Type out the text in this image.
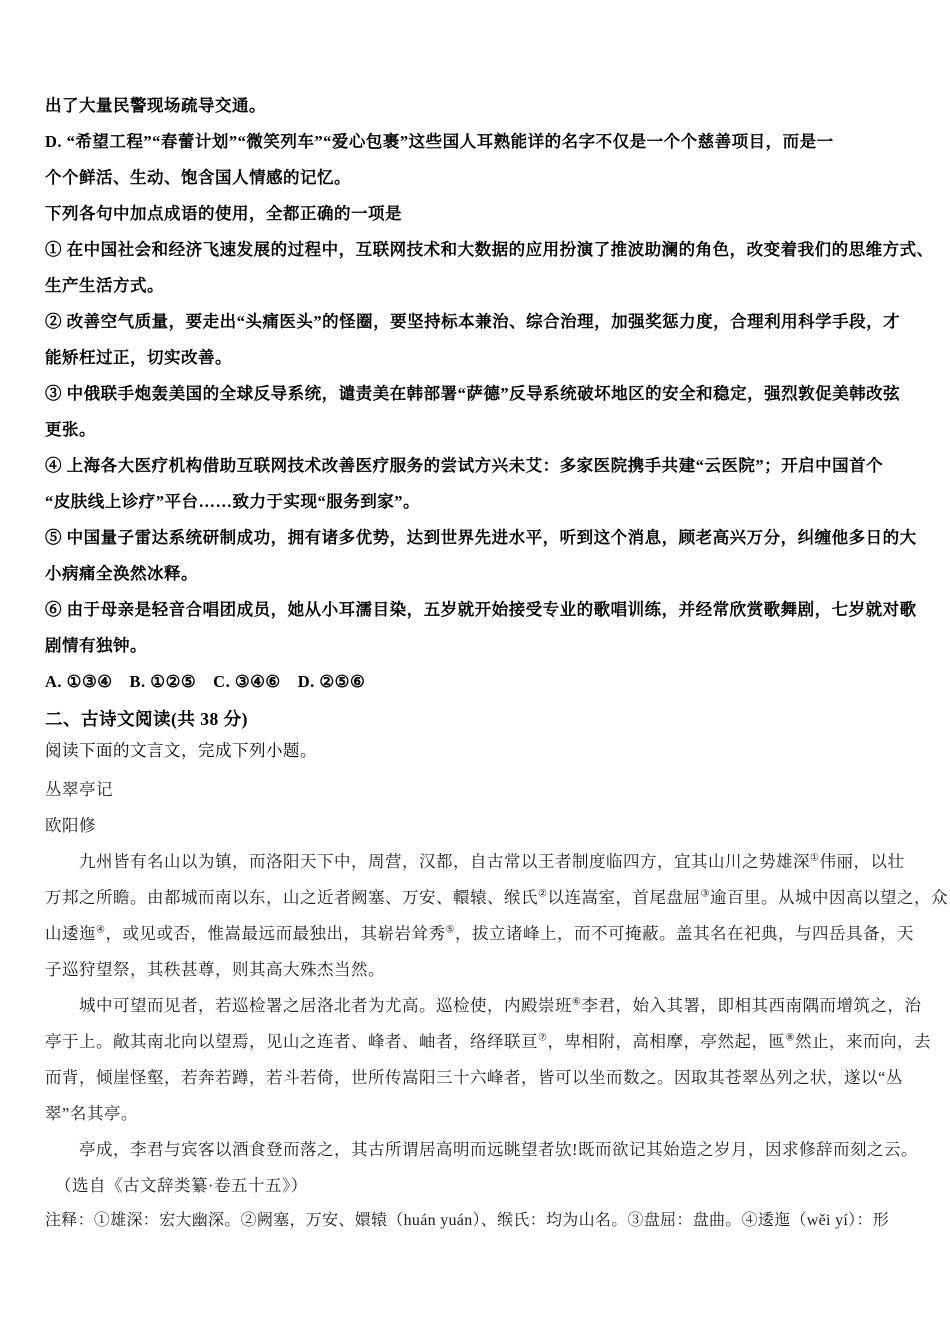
出了大量民警现场疏导交通。
D. “希望工程”“春蕾计划”“微笑列车”“爱心包裹”这些国人耳熟能详的名字不仅是一个个慈善项目，而是一
个个鲜活、生动、饱含国人情感的记忆。
下列各句中加点成语的使用，全都正确的一项是
① 在中国社会和经济飞速发展的过程中，互联网技术和大数据的应用扮演了推波助澜的角色，改变着我们的思维方式、
生产生活方式。
② 改善空气质量，要走出“头痛医头”的怪圈，要坚持标本兼治、综合治理，加强奖惩力度，合理利用科学手段，才
能矫枉过正，切实改善。
③ 中俄联手炮轰美国的全球反导系统，谴责美在韩部署“萨德”反导系统破坏地区的安全和稳定，强烈敦促美韩改弦
更张。
④ 上海各大医疗机构借助互联网技术改善医疗服务的尝试方兴未艾：多家医院携手共建“云医院”；开启中国首个
“皮肤线上诊疗”平台……致力于实现“服务到家”。
⑤ 中国量子雷达系统研制成功，拥有诸多优势，达到世界先进水平，听到这个消息，顾老高兴万分，纠缠他多日的大
小病痛全涣然冰释。
⑥ 由于母亲是轻音合唱团成员，她从小耳濡目染，五岁就开始接受专业的歌唱训练，并经常欣赏歌舞剧，七岁就对歌
剧情有独钟。
A. ①③④　B. ①②⑤　C. ③④⑥　D. ②⑤⑥
二、古诗文阅读(共 38 分)
阅读下面的文言文，完成下列小题。
丛翠亭记
欧阳修
九州皆有名山以为镇，而洛阳天下中，周营，汉都，自古常以王者制度临四方，宜其山川之势雄深①伟丽，以壮
万邦之所瞻。由都城而南以东，山之近者阙塞、万安、轘辕、缑氏②以连嵩室，首尾盘屈③逾百里。从城中因高以望之，众
山逶迤④，或见或否，惟嵩最远而最独出，其崭岩耸秀⑤，拔立诸峰上，而不可掩蔽。盖其名在祀典，与四岳具备，天
子巡狩望祭，其秩甚尊，则其高大殊杰当然。
城中可望而见者，若巡检署之居洛北者为尤高。巡检使，内殿崇班⑥李君，始入其署，即相其西南隅而增筑之，治
亭于上。敞其南北向以望焉，见山之连者、峰者、岫者，络绎联亘⑦，卑相附，高相摩，亭然起，匜⑧然止，来而向，去
而背，倾崖怪壑，若奔若蹲，若斗若倚，世所传嵩阳三十六峰者，皆可以坐而数之。因取其苍翠丛列之状，遂以“丛
翠”名其亭。
亭成，李君与宾客以酒食登而落之，其古所谓居高明而远眺望者欤!既而欲记其始造之岁月，因求修辞而刻之云。
（选自《古文辞类纂·卷五十五》）
注释：①雄深：宏大幽深。②阙塞，万安、嬛辕（huán yuán）、缑氏：均为山名。③盘屈：盘曲。④逶迤（wěi yí）：形
